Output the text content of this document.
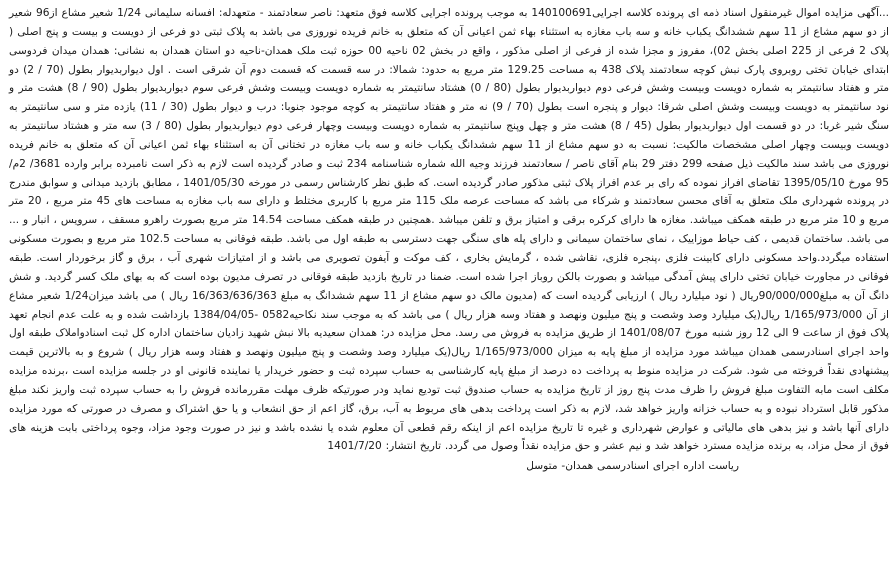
...آگهی مزایده اموال غیرمنقول اسناد ذمه ای پرونده کلاسه اجرایی140100691 به موجب پرونده اجرایی کلاسه فوق متعهد: ناصر سعادتمند - متعهدله: افسانه سلیمانی 1/24 شعیر مشاع از96 شعیر از دو سهم مشاع از 11 سهم ششدانگ یکباب خانه و سه باب مغازه به استثناء بهاء ثمن اعیانی آن که متعلق به خانم فریده نوروزی می باشد به پلاک ثبتی دو فرعی از دویست و بیست و پنج اصلی ( پلاک 2 فرعی از 225 اصلی بخش 02)، مفروز و مجزا شده از فرعی از اصلی مذکور ، واقع در بخش 02 ناحیه 00 حوزه ثبت ملک همدان-ناحیه دو استان همدان به نشانی: همدان میدان فردوسی ابتدای خیابان تختی روبروی پارک نبش کوچه سعادتمند پلاک 438 به مساحت 129.25 متر مربع به حدود: شمالا: در سه قسمت که قسمت دوم آن شرقی است . اول دیواربدیوار بطول (70 / 2) دو متر و هفتاد سانتیمتر به شماره دویست وبیست وشش فرعی دوم دیواربدیوار بطول (80 / 0) هشتاد سانتیمتر به شماره دویست وبیست وشش فرعی سوم دیواربدیوار بطول (90 / 8) هشت متر و نود سانتیمتر به دویست وبیست وشش اصلی شرقا: دیوار و پنجره است بطول (70 / 9) نه متر و هفتاد سانتیمتر به کوچه موجود جنوبا: درب و دیوار بطول (30 / 11) یازده متر و سی سانتیمتر به سنگ شیر غربا: در دو قسمت اول دیواربدیوار بطول (45 / 8) هشت متر و چهل وپنج سانتیمتر به شماره دویست وبیست وچهار فرعی دوم دیواربدیوار بطول (80 / 3) سه متر و هشتاد سانتیمتر به دویست وبیست وچهار اصلی مشخصات مالکیت: نسبت به دو سهم مشاع از 11 سهم ششدانگ یکباب خانه و سه باب مغازه در تختانی آن به استثناء بهاء ثمن اعیانی آن که متعلق به خانم فریده نوروزی می باشد سند مالکیت ذیل صفحه 299 دفتر 29 بنام آقای ناصر / سعادتمند فرزند وجیه الله شماره شناسنامه 234 ثبت و صادر گردیده است لازم به ذکر است نامبرده برابر وارده 3681/ 2م/ 95 مورخ 1395/05/10 تقاضای افراز نموده که رای بر عدم افراز پلاک ثبتی مذکور صادر گردیده است. که طبق نظر کارشناس رسمی در مورخه 1401/05/30 ، مطابق بازدید میدانی و سوابق مندرج در پرونده شهرداری ملک متعلق به آقای محسن سعادتمند و شرکاء می باشد که مساحت عرصه ملک 115 متر مربع با کاربری مختلط و دارای سه باب مغازه به مساحت های 45 متر مربع ، 20 متر مربع و 10 متر مربع در طبقه همکف میباشد. مغازه ها دارای کرکره برقی و امتیاز برق و تلفن میباشد .همچنین در طبقه همکف مساحت 14.54 متر مربع بصورت راهرو مسقف ، سرویس ، انبار و ... می باشد. ساختمان قدیمی ، کف حیاط موزاییک ، نمای ساختمان سیمانی و دارای پله های سنگی جهت دسترسی به طبقه اول می باشد. طبقه فوقانی به مساحت 102.5 متر مربع و بصورت مسکونی استفاده میگردد.واحد مسکونی دارای کابینت فلزی ،پنجره فلزی، نقاشی شده ، گرمایش بخاری ، کف موکت و آیفون تصویری می باشد و از امتیازات شهری آب ، برق و گاز برخوردار است. طبقه فوقانی در مجاورت خیابان تختی دارای پیش آمدگی میباشد و بصورت بالکن روباز اجرا شده است. ضمنا در تاریخ بازدید طبقه فوقانی در تصرف مدیون بوده است که به بهای ملک کسر گردید. و شش دانگ آن به مبلغ90/000/000ریال ( نود میلیارد ریال ) ارزیابی گردیده است که (مدیون مالک دو سهم مشاع از 11 سهم ششدانگ به مبلغ 16/363/636/363 ریال ) می باشد میزان1/24 شعیر مشاع از آن 1/165/973/000 ریال(یک میلیارد وصد وشصت و پنج میلیون ونهصد و هفتاد وسه هزار ریال ) می باشد که به موجب سند نکاحیه0582 -1384/04/05 بازداشت شده و به علت عدم انجام تعهد پلاک فوق از ساعت 9 الی 12 روز شنبه مورخ 1401/08/07 از طریق مزایده به فروش می رسد. محل مزایده در: همدان سعیدیه بالا نبش شهید زادیان ساختمان اداره کل ثبت اسنادواملاک طبقه اول واحد اجرای اسنادرسمی همدان میباشد مورد مزایده از مبلغ پایه به میزان 1/165/973/000 ریال(یک میلیارد وصد وشصت و پنج میلیون ونهصد و هفتاد وسه هزار ریال ) شروع و به بالاترین قیمت پیشنهادی نقداً فروخته می شود. شرکت در مزایده منوط به پرداخت ده درصد از مبلغ پایه کارشناسی به حساب سپرده ثبت و حضور خریدار یا نماینده قانونی او در جلسه مزایده است ،برنده مزایده مکلف است مابه التفاوت مبلغ فروش را ظرف مدت پنج روز از تاریخ مزایده به حساب صندوق ثبت تودیع نماید ودر صورتیکه ظرف مهلت مقررمانده فروش را به حساب سپرده ثبت واریز نکند مبلغ مذکور قابل استرداد نبوده و به حساب خزانه واریز خواهد شد، لازم به ذکر است پرداخت بدهی های مربوط به آب، برق، گاز اعم از حق انشعاب و یا حق اشتراک و مصرف در صورتی که مورد مزایده دارای آنها باشد و نیز بدهی های مالیاتی و عوارض شهرداری و غیره تا تاریخ مزایده اعم از اینکه رقم قطعی آن معلوم شده یا نشده باشد و نیز در صورت وجود مزاد، وجوه پرداختی بابت هزینه های فوق از محل مزاد، به برنده مزایده مسترد خواهد شد و نیم عشر و حق مزایده نقداً وصول می گردد. تاریخ انتشار: 1401/7/20

ریاست اداره اجرای اسنادرسمی همدان- متوسل
